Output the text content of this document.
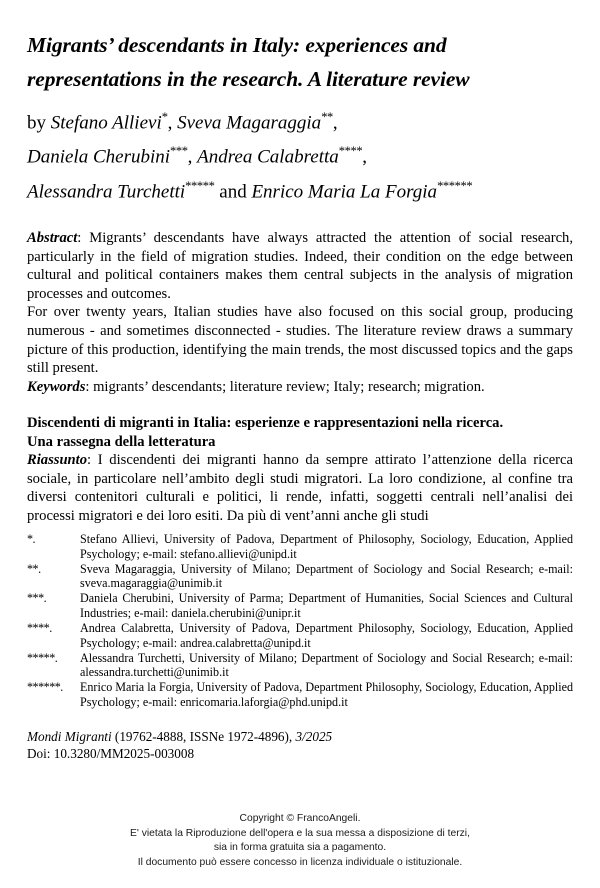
Migrants’ descendants in Italy: experiences and
representations in the research. A literature review
by Stefano Allievi*, Sveva Magaraggia**,
Daniela Cherubini***, Andrea Calabretta****,
Alessandra Turchetti***** and Enrico Maria La Forgia******

Abstract: Migrants’ descendants have always attracted the attention of social research, particularly in the field of migration studies. Indeed, their condition on the edge between cultural and political containers makes them central subjects in the analysis of migration processes and outcomes.

For over twenty years, Italian studies have also focused on this social group, producing numerous - and sometimes disconnected - studies. The literature review draws a summary picture of this production, identifying the main trends, the most discussed topics and the gaps still present.

Keywords: migrants’ descendants; literature review; Italy; research; migration.

Discendenti di migranti in Italia: esperienze e rappresentazioni nella ricerca.
Una rassegna della letteratura

Riassunto: I discendenti dei migranti hanno da sempre attirato l’attenzione della ricerca sociale, in particolare nell’ambito degli studi migratori. La loro condizione, al confine tra diversi contenitori culturali e politici, li rende, infatti, soggetti centrali nell’analisi dei processi migratori e dei loro esiti. Da più di vent’anni anche gli studi

*.	Stefano Allievi, University of Padova, Department of Philosophy, Sociology, Education, Applied Psychology; e-mail: stefano.allievi@unipd.it
**.	Sveva Magaraggia, University of Milano; Department of Sociology and Social Research; e-mail: sveva.magaraggia@unimib.it
***.	Daniela Cherubini, University of Parma; Department of Humanities, Social Sciences and Cultural Industries; e-mail: daniela.cherubini@unipr.it
****.	Andrea Calabretta, University of Padova, Department Philosophy, Sociology, Education, Applied Psychology; e-mail: andrea.calabretta@unipd.it
*****.	Alessandra Turchetti, University of Milano; Department of Sociology and Social Research; e-mail: alessandra.turchetti@unimib.it
******.	Enrico Maria la Forgia, University of Padova, Department Philosophy, Sociology, Education, Applied Psychology; e-mail: enricomaria.laforgia@phd.unipd.it
Mondi Migranti (19762-4888, ISSNe 1972-4896), 3/2025
Doi: 10.3280/MM2025-003008
Copyright © FrancoAngeli.
E' vietata la Riproduzione dell'opera e la sua messa a disposizione di terzi,
sia in forma gratuita sia a pagamento.
Il documento può essere concesso in licenza individuale o istituzionale.
